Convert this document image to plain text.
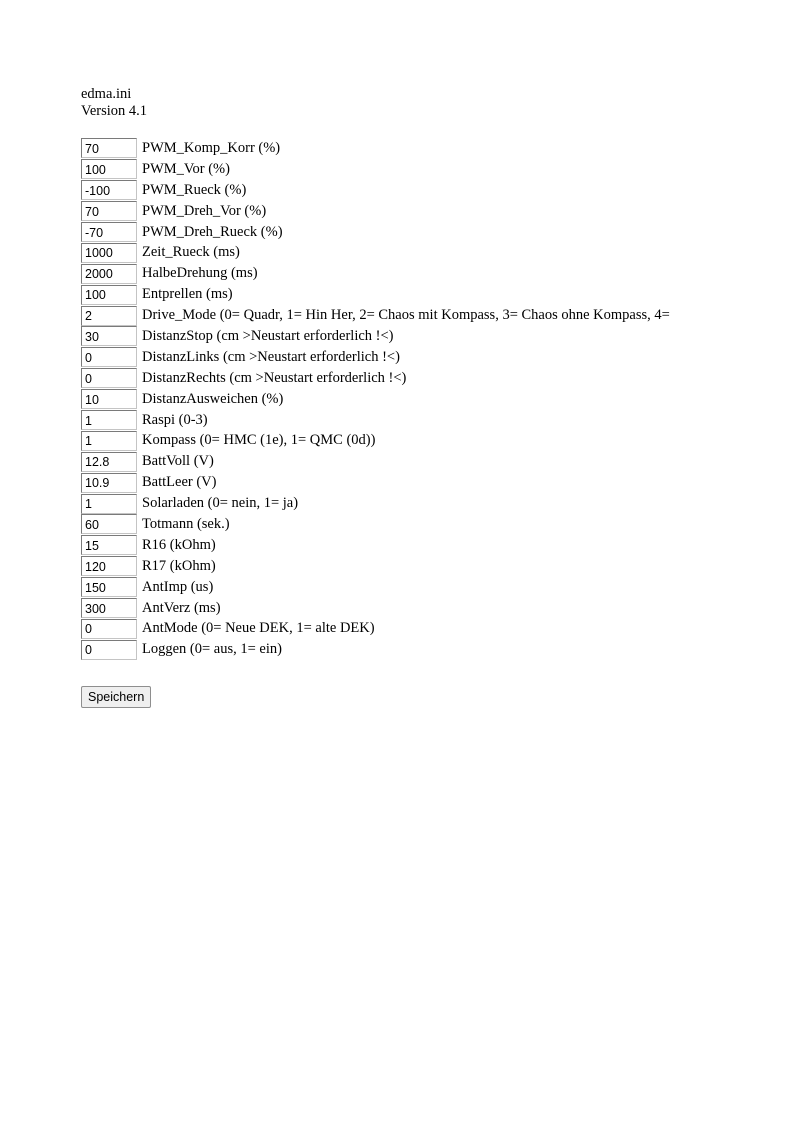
edma.ini
Version 4.1
70
PWM_Komp_Korr (%)
100
PWM_Vor (%)
-100
PWM_Rueck (%)
70
PWM_Dreh_Vor (%)
-70
PWM_Dreh_Rueck (%)
1000
Zeit_Rueck (ms)
2000
HalbeDrehung (ms)
100
Entprellen (ms)
2
Drive_Mode (0= Quadr, 1= Hin Her, 2= Chaos mit Kompass, 3= Chaos ohne Kompass, 4=
30
DistanzStop (cm >Neustart erforderlich !<)
0
DistanzLinks (cm >Neustart erforderlich !<)
0
DistanzRechts (cm >Neustart erforderlich !<)
10
DistanzAusweichen (%)
1
Raspi (0-3)
1
Kompass (0= HMC (1e), 1= QMC (0d))
12.8
BattVoll (V)
10.9
BattLeer (V)
1
Solarladen (0= nein, 1= ja)
60
Totmann (sek.)
15
R16 (kOhm)
120
R17 (kOhm)
150
AntImp (us)
300
AntVerz (ms)
0
AntMode (0= Neue DEK, 1= alte DEK)
0
Loggen (0= aus, 1= ein)
Speichern
